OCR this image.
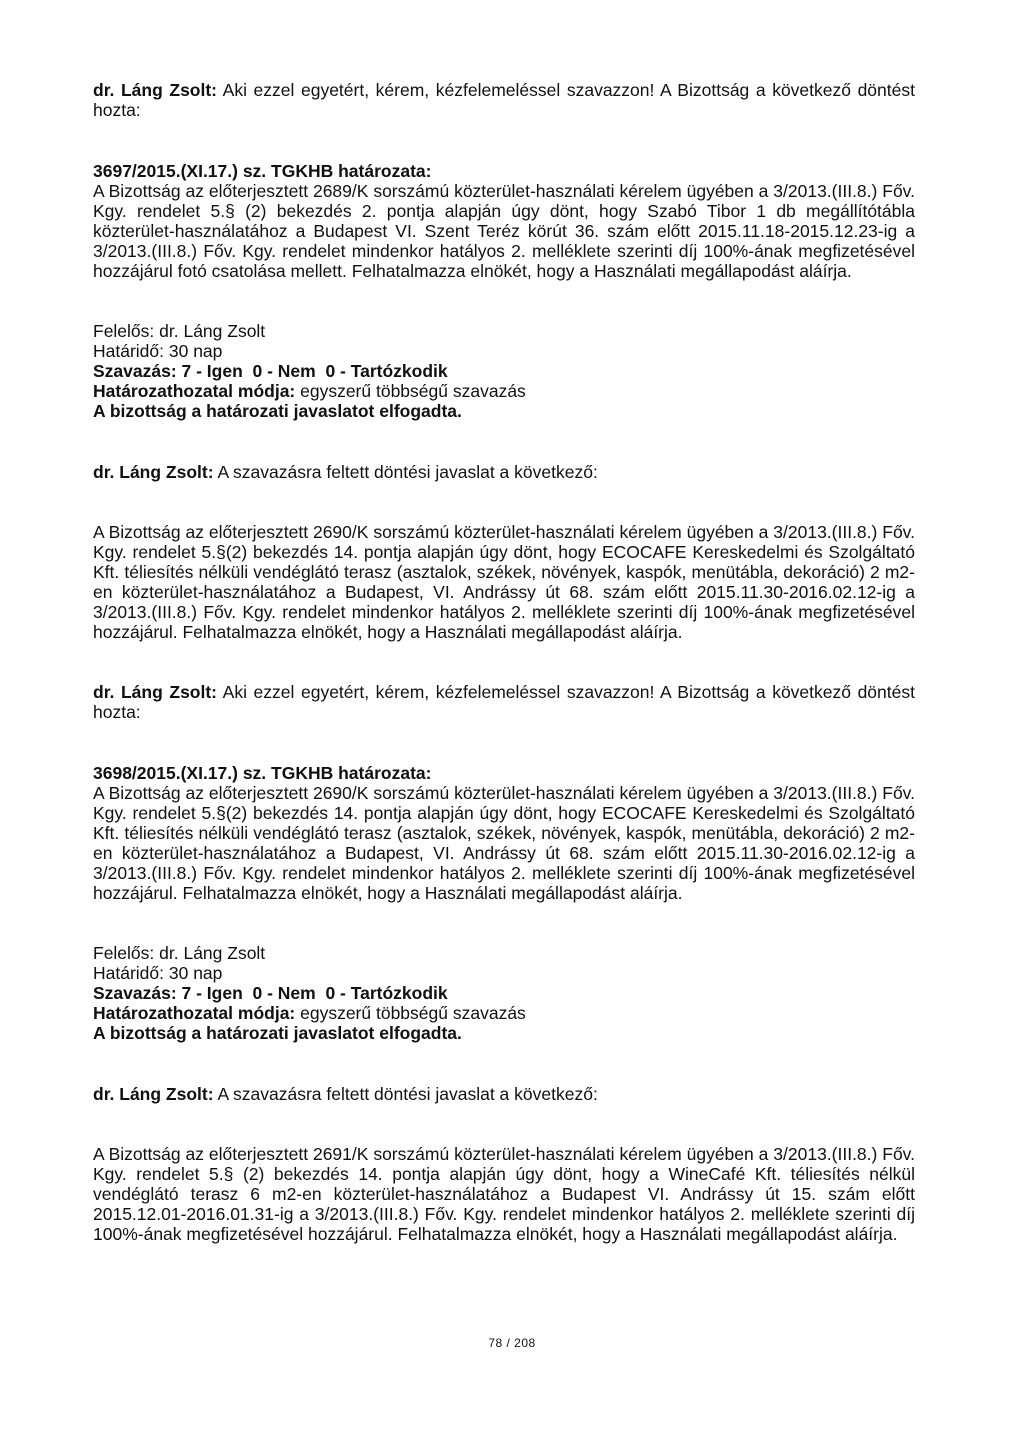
dr. Láng Zsolt: Aki ezzel egyetért, kérem, kézfelemeléssel szavazzon! A Bizottság a következő döntést hozta:

3697/2015.(XI.17.) sz. TGKHB határozata:

A Bizottság az előterjesztett 2689/K sorszámú közterület-használati kérelem ügyében a 3/2013.(III.8.) Főv. Kgy. rendelet 5.§ (2) bekezdés 2. pontja alapján úgy dönt, hogy Szabó Tibor 1 db megállítótábla közterület-használatához a Budapest VI. Szent Teréz körút 36. szám előtt 2015.11.18-2015.12.23-ig a 3/2013.(III.8.) Főv. Kgy. rendelet mindenkor hatályos 2. melléklete szerinti díj 100%-ának megfizetésével hozzájárul fotó csatolása mellett. Felhatalmazza elnökét, hogy a Használati megállapodást aláírja.

Felelős: dr. Láng Zsolt

Határidő: 30 nap

Szavazás: 7 - Igen  0 - Nem  0 - Tartózkodik

Határozathozatal módja: egyszerű többségű szavazás

A bizottság a határozati javaslatot elfogadta.

dr. Láng Zsolt: A szavazásra feltett döntési javaslat a következő:

A Bizottság az előterjesztett 2690/K sorszámú közterület-használati kérelem ügyében a 3/2013.(III.8.) Főv. Kgy. rendelet 5.§(2) bekezdés 14. pontja alapján úgy dönt, hogy ECOCAFE Kereskedelmi és Szolgáltató Kft. téliesítés nélküli vendéglátó terasz (asztalok, székek, növények, kaspók, menütábla, dekoráció) 2 m2-en közterület-használatához a Budapest, VI. Andrássy út 68. szám előtt 2015.11.30-2016.02.12-ig a 3/2013.(III.8.) Főv. Kgy. rendelet mindenkor hatályos 2. melléklete szerinti díj 100%-ának megfizetésével hozzájárul. Felhatalmazza elnökét, hogy a Használati megállapodást aláírja.

dr. Láng Zsolt: Aki ezzel egyetért, kérem, kézfelemeléssel szavazzon! A Bizottság a következő döntést hozta:

3698/2015.(XI.17.) sz. TGKHB határozata:

A Bizottság az előterjesztett 2690/K sorszámú közterület-használati kérelem ügyében a 3/2013.(III.8.) Főv. Kgy. rendelet 5.§(2) bekezdés 14. pontja alapján úgy dönt, hogy ECOCAFE Kereskedelmi és Szolgáltató Kft. téliesítés nélküli vendéglátó terasz (asztalok, székek, növények, kaspók, menütábla, dekoráció) 2 m2-en közterület-használatához a Budapest, VI. Andrássy út 68. szám előtt 2015.11.30-2016.02.12-ig a 3/2013.(III.8.) Főv. Kgy. rendelet mindenkor hatályos 2. melléklete szerinti díj 100%-ának megfizetésével hozzájárul. Felhatalmazza elnökét, hogy a Használati megállapodást aláírja.

Felelős: dr. Láng Zsolt

Határidő: 30 nap

Szavazás: 7 - Igen  0 - Nem  0 - Tartózkodik

Határozathozatal módja: egyszerű többségű szavazás

A bizottság a határozati javaslatot elfogadta.

dr. Láng Zsolt: A szavazásra feltett döntési javaslat a következő:

A Bizottság az előterjesztett 2691/K sorszámú közterület-használati kérelem ügyében a 3/2013.(III.8.) Főv. Kgy. rendelet 5.§ (2) bekezdés 14. pontja alapján úgy dönt, hogy a WineCafé Kft. téliesítés nélkül vendéglátó terasz 6 m2-en közterület-használatához a Budapest VI. Andrássy út 15. szám előtt 2015.12.01-2016.01.31-ig a 3/2013.(III.8.) Főv. Kgy. rendelet mindenkor hatályos 2. melléklete szerinti díj 100%-ának megfizetésével hozzájárul. Felhatalmazza elnökét, hogy a Használati megállapodást aláírja.

78 / 208
